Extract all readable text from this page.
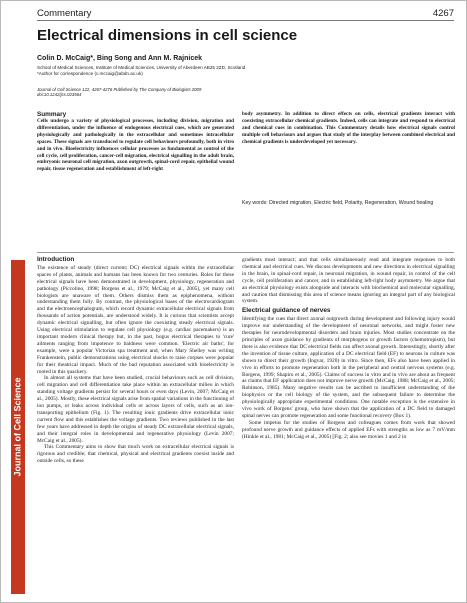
Commentary	4267
Journal of Cell Science
Electrical dimensions in cell science
Colin D. McCaig*, Bing Song and Ann M. Rajnicek
School of Medical Sciences, Institute of Medical Sciences, University of Aberdeen AB25 2ZD, Scotland
*Author for correspondence (c.mccaig@abdn.ac.uk)
Journal of Cell Science 122, 4267-4276 Published by The Company of Biologists 2009
doi:10.1242/jcs.023564
Summary
Cells undergo a variety of physiological processes, including division, migration and differentiation, under the influence of endogenous electrical cues, which are generated physiologically and pathologically in the extracellular and sometimes intracellular spaces. These signals are transduced to regulate cell behaviours profoundly, both in vitro and in vivo. Bioelectricity influences cellular processes as fundamental as control of the cell cycle, cell proliferation, cancer-cell migration, electrical signalling in the adult brain, embryonic neuronal cell migration, axon outgrowth, spinal-cord repair, epithelial wound repair, tissue regeneration and establishment of left-right
body asymmetry. In addition to direct effects on cells, electrical gradients interact with coexisting extracellular chemical gradients. Indeed, cells can integrate and respond to electrical and chemical cues in combination. This Commentary details how electrical signals control multiple cell behaviours and argues that study of the interplay between combined electrical and chemical gradients is underdeveloped yet necessary.
Key words: Directed migration, Electric field, Polarity, Regeneration, Wound healing
Introduction

The existence of steady (direct current; DC) electrical signals within the extracellular spaces of plants, animals and humans has been known for two centuries. Roles for these electrical signals have been demonstrated in development, physiology, regeneration and pathology (Piccolino, 1998; Borgens et al., 1979; McCaig et al., 2005), yet many cell biologists are unaware of them. Others dismiss them as epiphenomena, without understanding them fully. By contrast, the physiological bases of the electrocardiogram and the electroencephalogram, which record dynamic extracellular electrical signals from thousands of action potentials, are understood widely. It is curious that scientists accept dynamic electrical signalling, but often ignore the coexisting steady electrical signals. Using electrical stimulation to regulate cell physiology (e.g. cardiac pacemakers) is an important modern clinical therapy but, in the past, bogus electrical therapies to 'cure' ailments ranging from impotence to baldness were common. 'Electric air baths', for example, were a popular Victorian spa treatment and, when Mary Shelley was writing Frankenstein, public demonstrations using electrical shocks to raise corpses were popular for their theatrical impact. Much of the bad reputation associated with bioelectricity is rooted in this quackery.

In almost all systems that have been studied, crucial behaviours such as cell division, cell migration and cell differentiation take place within an extracellular milieu in which standing voltage gradients persist for several hours or even days (Levin, 2007; McCaig et al., 2005). Mostly, these electrical signals arise from spatial variations in the functioning of ion pumps, or leaks across individual cells or across layers of cells, such as an ion-transporting epithelium (Fig. 1). The resulting ionic gradients drive extracellular ionic current flow and this establishes the voltage gradients. Two reviews published in the last few years have addressed in depth the origins of steady DC extracellular electrical signals, and their integral roles in developmental and regenerative physiology (Levin 2007; McCaig et al., 2005).

This Commentary aims to show that much work on extracellular electrical signals is rigorous and credible; that chemical, physical and electrical gradients coexist inside and outside cells, so these

gradients must interact; and that cells simultaneously read and integrate responses to both chemical and electrical cues. We discuss developments and new directions in electrical signalling in the brain, in spinal-cord repair, in neuronal migration, in wound repair, in control of the cell cycle, cell proliferation and cancer, and in establishing left-right body asymmetry. We argue that an electrical physiology exists alongside and interacts with biochemical and molecular signalling, and caution that dismissing this area of science means ignoring an integral part of any biological system.

Electrical guidance of nerves

Identifying the cues that direct axonal outgrowth during development and following injury would improve our understanding of the development of neuronal networks, and might foster new therapies for neurodevelopmental disorders and brain injuries. Most studies concentrate on the principles of axon guidance by gradients of morphogens or growth factors (chemotropism), but there is also evidence that DC electrical fields can affect axonal growth. Interestingly, shortly after the invention of tissue culture, application of a DC electrical field (EF) to neurons in culture was shown to direct their growth (Ingvar, 1920) in vitro. Since then, EFs also have been applied in vivo in efforts to promote regeneration both in the peripheral and central nervous systems (e.g. Borgens, 1999; Shapiro et al., 2005). Claims of success in vitro and in vivo are about as frequent as claims that EF application does not improve nerve growth (McCaig, 1988; McCaig et al., 2005; Robinson, 1985). Many negative results can be ascribed to insufficient understanding of the biophysics or the cell biology of the system, and the subsequent failure to determine the physiologically appropriate experimental conditions. One notable exception is the extensive in vivo work of Borgens' group, who have shown that the application of a DC field to damaged spinal nerves can promote regeneration and some functional recovery (Box 1).

Some impetus for the studies of Borgens and colleagues comes from work that showed profound nerve growth and guidance effects of applied EFs with strengths as low as 7 mV/mm (Hinkle et al., 1981; McCaig et al., 2005) [Fig. 2; also see movies 1 and 2 in
